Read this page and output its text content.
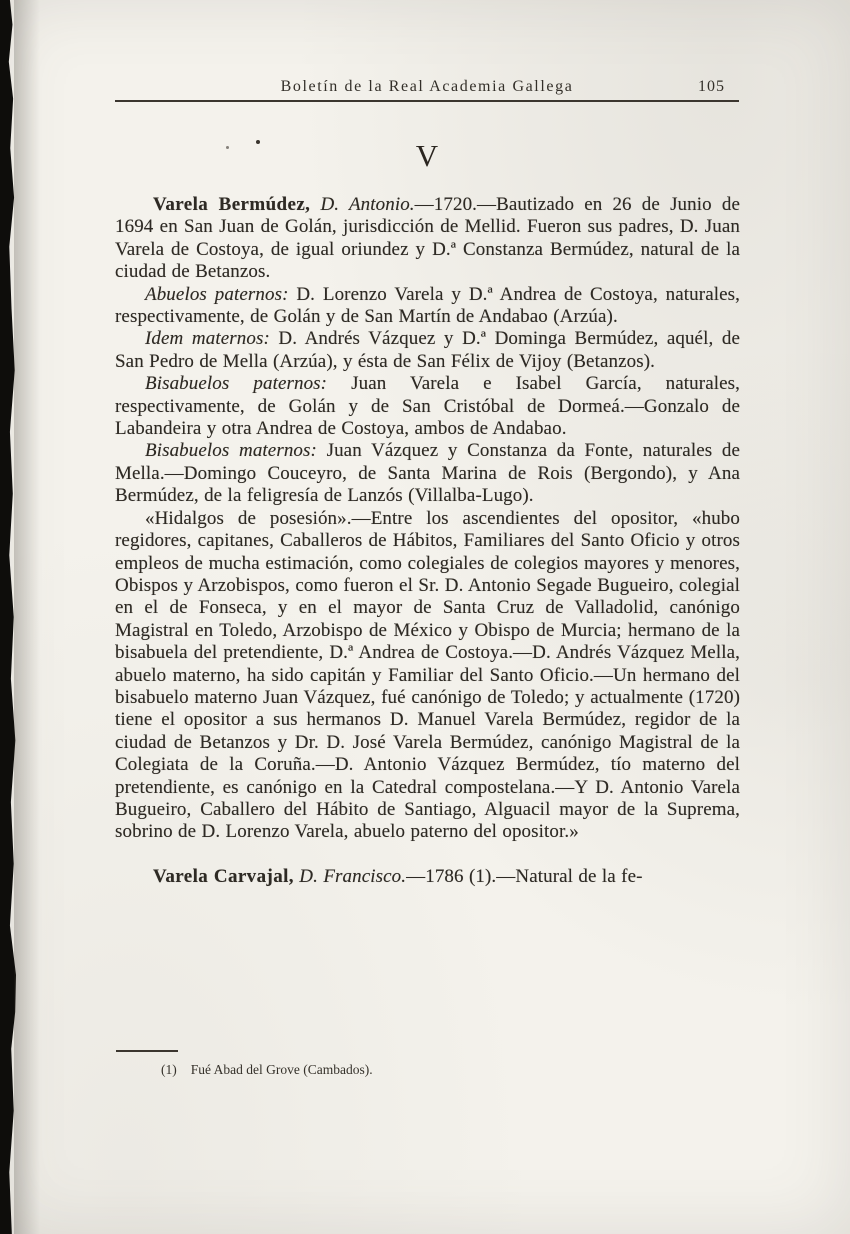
Boletín de la Real Academia Gallega	105
V

Varela Bermúdez, D. Antonio.—1720.—Bautizado en 26 de Junio de 1694 en San Juan de Golán, jurisdicción de Mellid. Fueron sus padres, D. Juan Varela de Costoya, de igual oriundez y D.ª Constanza Bermúdez, natural de la ciudad de Betanzos.

Abuelos paternos: D. Lorenzo Varela y D.ª Andrea de Costoya, naturales, respectivamente, de Golán y de San Martín de Andabao (Arzúa).

Idem maternos: D. Andrés Vázquez y D.ª Dominga Bermúdez, aquél, de San Pedro de Mella (Arzúa), y ésta de San Félix de Vijoy (Betanzos).

Bisabuelos paternos: Juan Varela e Isabel García, naturales, respectivamente, de Golán y de San Cristóbal de Dormeá.—Gonzalo de Labandeira y otra Andrea de Costoya, ambos de Andabao.

Bisabuelos maternos: Juan Vázquez y Constanza da Fonte, naturales de Mella.—Domingo Couceyro, de Santa Marina de Rois (Bergondo), y Ana Bermúdez, de la feligresía de Lanzós (Villalba-Lugo).

«Hidalgos de posesión».—Entre los ascendientes del opositor, «hubo regidores, capitanes, Caballeros de Hábitos, Familiares del Santo Oficio y otros empleos de mucha estimación, como colegiales de colegios mayores y menores, Obispos y Arzobispos, como fueron el Sr. D. Antonio Segade Bugueiro, colegial en el de Fonseca, y en el mayor de Santa Cruz de Valladolid, canónigo Magistral en Toledo, Arzobispo de México y Obispo de Murcia; hermano de la bisabuela del pretendiente, D.ª Andrea de Costoya.—D. Andrés Vázquez Mella, abuelo materno, ha sido capitán y Familiar del Santo Oficio.—Un hermano del bisabuelo materno Juan Vázquez, fué canónigo de Toledo; y actualmente (1720) tiene el opositor a sus hermanos D. Manuel Varela Bermúdez, regidor de la ciudad de Betanzos y Dr. D. José Varela Bermúdez, canónigo Magistral de la Colegiata de la Coruña.—D. Antonio Vázquez Bermúdez, tío materno del pretendiente, es canónigo en la Catedral compostelana.—Y D. Antonio Varela Bugueiro, Caballero del Hábito de Santiago, Alguacil mayor de la Suprema, sobrino de D. Lorenzo Varela, abuelo paterno del opositor.»

Varela Carvajal, D. Francisco.—1786 (1).—Natural de la fe-

(1) Fué Abad del Grove (Cambados).
